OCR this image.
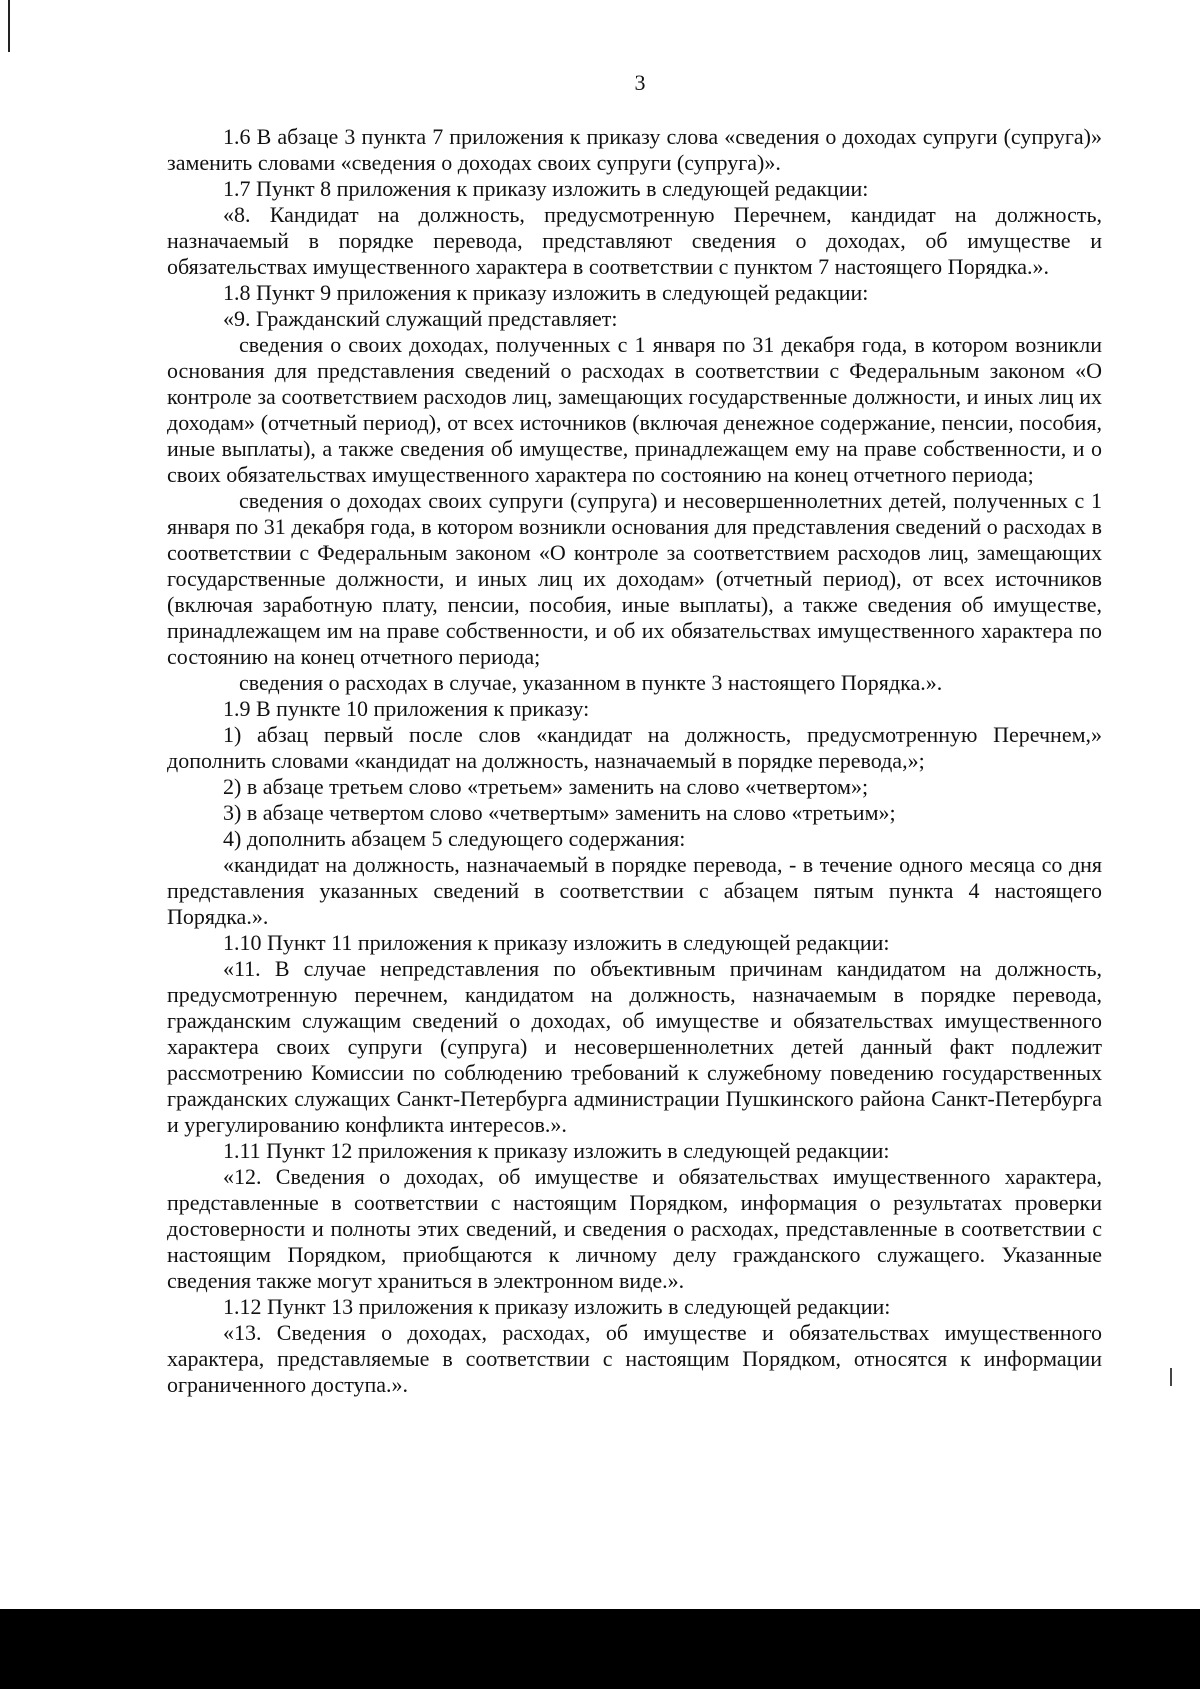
3

1.6 В абзаце 3 пункта 7 приложения к приказу слова «сведения о доходах супруги (супруга)» заменить словами «сведения о доходах своих супруги (супруга)».

1.7 Пункт 8 приложения к приказу изложить в следующей редакции:

«8. Кандидат на должность, предусмотренную Перечнем, кандидат на должность, назначаемый в порядке перевода, представляют сведения о доходах, об имуществе и обязательствах имущественного характера в соответствии с пунктом 7 настоящего Порядка.».

1.8 Пункт 9 приложения к приказу изложить в следующей редакции:

«9. Гражданский служащий представляет:

сведения о своих доходах, полученных с 1 января по 31 декабря года, в котором возникли основания для представления сведений о расходах в соответствии с Федеральным законом «О контроле за соответствием расходов лиц, замещающих государственные должности, и иных лиц их доходам» (отчетный период), от всех источников (включая денежное содержание, пенсии, пособия, иные выплаты), а также сведения об имуществе, принадлежащем ему на праве собственности, и о своих обязательствах имущественного характера по состоянию на конец отчетного периода;

сведения о доходах своих супруги (супруга) и несовершеннолетних детей, полученных с 1 января по 31 декабря года, в котором возникли основания для представления сведений о расходах в соответствии с Федеральным законом «О контроле за соответствием расходов лиц, замещающих государственные должности, и иных лиц их доходам» (отчетный период), от всех источников (включая заработную плату, пенсии, пособия, иные выплаты), а также сведения об имуществе, принадлежащем им на праве собственности, и об их обязательствах имущественного характера по состоянию на конец отчетного периода;

сведения о расходах в случае, указанном в пункте 3 настоящего Порядка.».

1.9 В пункте 10 приложения к приказу:

1) абзац первый после слов «кандидат на должность, предусмотренную Перечнем,» дополнить словами «кандидат на должность, назначаемый в порядке перевода,»;

2) в абзаце третьем слово «третьем» заменить на слово «четвертом»;

3) в абзаце четвертом слово «четвертым» заменить на слово «третьим»;

4) дополнить абзацем 5 следующего содержания:

«кандидат на должность, назначаемый в порядке перевода, - в течение одного месяца со дня представления указанных сведений в соответствии с абзацем пятым пункта 4 настоящего Порядка.».

1.10 Пункт 11 приложения к приказу изложить в следующей редакции:

«11. В случае непредставления по объективным причинам кандидатом на должность, предусмотренную перечнем, кандидатом на должность, назначаемым в порядке перевода, гражданским служащим сведений о доходах, об имуществе и обязательствах имущественного характера своих супруги (супруга) и несовершеннолетних детей данный факт подлежит рассмотрению Комиссии по соблюдению требований к служебному поведению государственных гражданских служащих Санкт-Петербурга администрации Пушкинского района Санкт-Петербурга и урегулированию конфликта интересов.».

1.11 Пункт 12 приложения к приказу изложить в следующей редакции:

«12. Сведения о доходах, об имуществе и обязательствах имущественного характера, представленные в соответствии с настоящим Порядком, информация о результатах проверки достоверности и полноты этих сведений, и сведения о расходах, представленные в соответствии с настоящим Порядком, приобщаются к личному делу гражданского служащего. Указанные сведения также могут храниться в электронном виде.».

1.12 Пункт 13 приложения к приказу изложить в следующей редакции:

«13. Сведения о доходах, расходах, об имуществе и обязательствах имущественного характера, представляемые в соответствии с настоящим Порядком, относятся к информации ограниченного доступа.».
